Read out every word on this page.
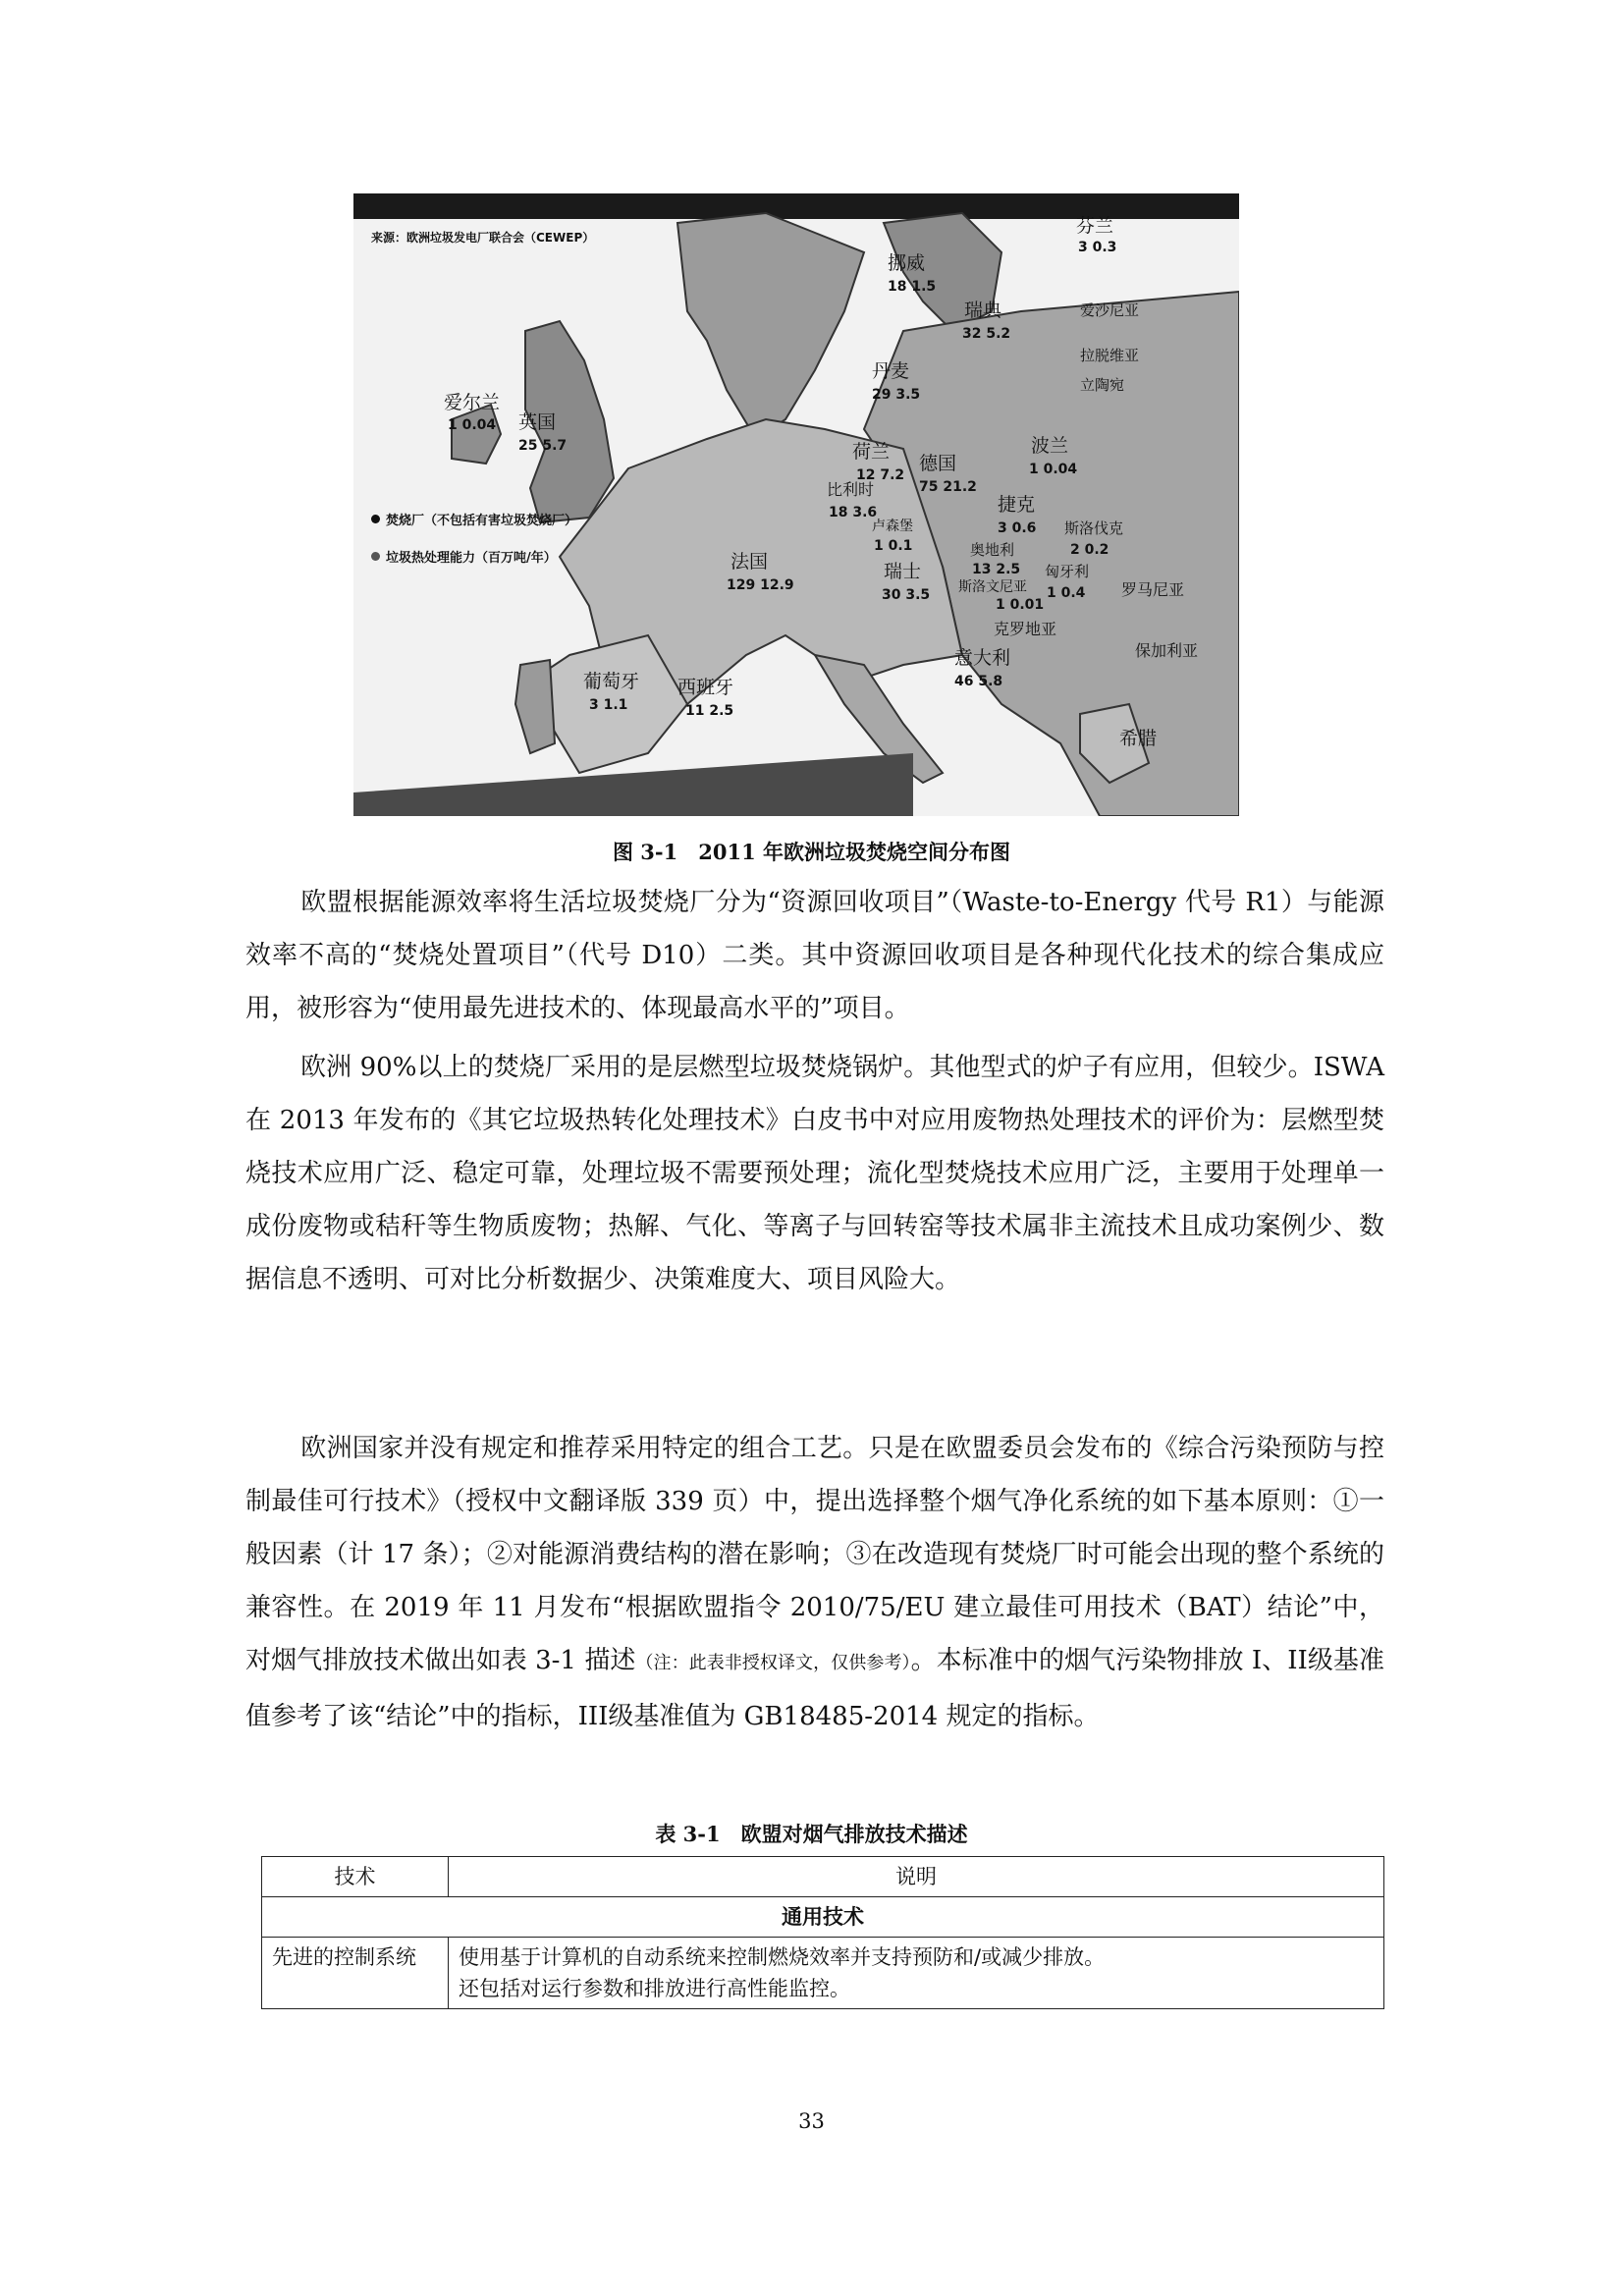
来源：欧洲垃圾发电厂联合会（CEWEP）
焚烧厂（不包括有害垃圾焚烧厂）
垃圾热处理能力（百万吨/年）
芬兰
3 0.3
挪威
18 1.5
瑞典
32 5.2
爱沙尼亚
拉脱维亚
立陶宛
丹麦
29 3.5
爱尔兰
1 0.04 英国
25 5.7	荷兰
12 7.2
比利时
18 3.6
德国
75 21.2
波兰
1 0.04
卢森堡
1 0.1
捷克
3 0.6 斯洛伐克
2 0.2
奥地利
13 2.5 匈牙利
1 0.4
法国
129 12.9
瑞士
30 3.5 斯洛文尼亚
1 0.01
罗马尼亚
克罗地亚
保加利亚
意大利
46 5.8
葡萄牙
3 1.1
西班牙
11 2.5
希腊
图 3-1　2011 年欧洲垃圾焚烧空间分布图
欧盟根据能源效率将生活垃圾焚烧厂分为“资源回收项目”（Waste-to-Energy 代号 R1）与能源效率不高的“焚烧处置项目”（代号 D10）二类。其中资源回收项目是各种现代化技术的综合集成应用，被形容为“使用最先进技术的、体现最高水平的”项目。
欧洲 90%以上的焚烧厂采用的是层燃型垃圾焚烧锅炉。其他型式的炉子有应用，但较少。ISWA 在 2013 年发布的《其它垃圾热转化处理技术》白皮书中对应用废物热处理技术的评价为：层燃型焚烧技术应用广泛、稳定可靠，处理垃圾不需要预处理；流化型焚烧技术应用广泛，主要用于处理单一成份废物或秸秆等生物质废物；热解、气化、等离子与回转窑等技术属非主流技术且成功案例少、数据信息不透明、可对比分析数据少、决策难度大、项目风险大。
欧洲国家并没有规定和推荐采用特定的组合工艺。只是在欧盟委员会发布的《综合污染预防与控制最佳可行技术》（授权中文翻译版 339 页）中，提出选择整个烟气净化系统的如下基本原则：①一般因素（计 17 条）；②对能源消费结构的潜在影响；③在改造现有焚烧厂时可能会出现的整个系统的兼容性。在 2019 年 11 月发布“根据欧盟指令 2010/75/EU 建立最佳可用技术（BAT）结论”中，对烟气排放技术做出如表 3-1 描述（注：此表非授权译文，仅供参考）。本标准中的烟气污染物排放 I、II级基准值参考了该“结论”中的指标，III级基准值为 GB18485-2014 规定的指标。
表 3-1　欧盟对烟气排放技术描述
技术	说明
通用技术	
先进的控制系统	使用基于计算机的自动系统来控制燃烧效率并支持预防和/或减少排放。还包括对运行参数和排放进行高性能监控。
33
